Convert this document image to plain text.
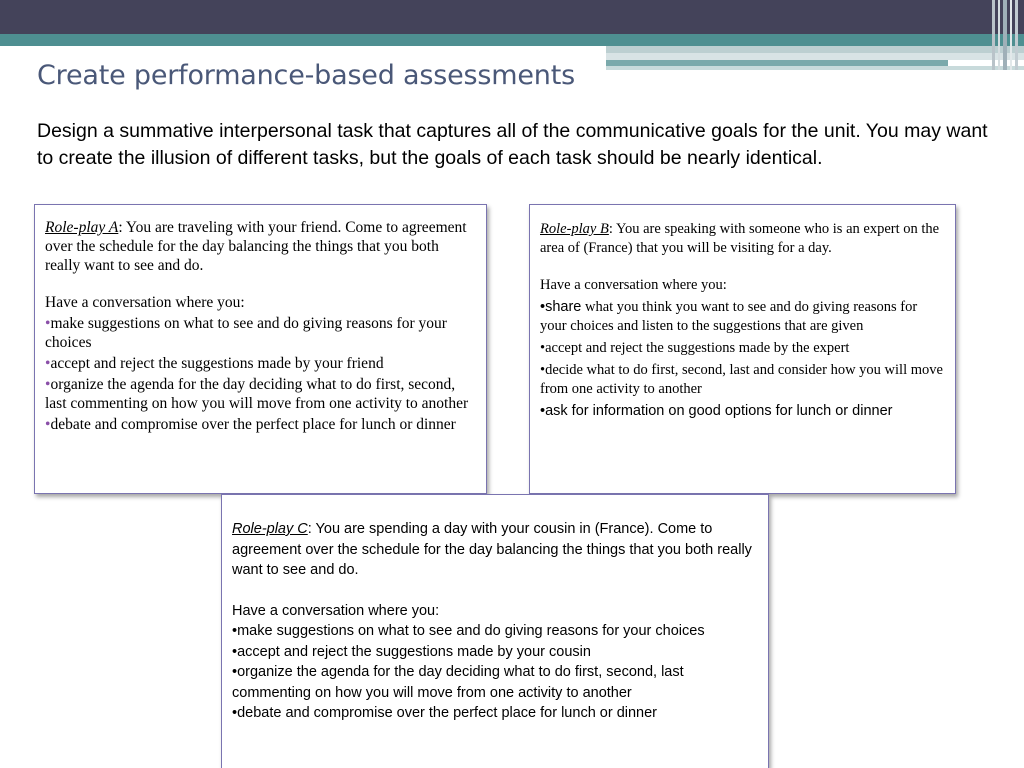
Create performance-based assessments
Design a summative interpersonal task that captures all of the communicative goals for the unit. You may want to create the illusion of different tasks, but the goals of each task should be nearly identical.
Role-play A: You are traveling with your friend. Come to agreement over the schedule for the day balancing the things that you both really want to see and do.
Have a conversation where you:
•make suggestions on what to see and do giving reasons for your choices
•accept and reject the suggestions made by your friend
•organize the agenda for the day deciding what to do first, second, last commenting on how you will move from one activity to another
•debate and compromise over the perfect place for lunch or dinner
Role-play B: You are speaking with someone who is an expert on the area of (France) that you will be visiting for a day.
Have a conversation where you:
•share what you think you want to see and do giving reasons for your choices and listen to the suggestions that are given
•accept and reject the suggestions made by the expert
•decide what to do first, second, last and consider how you will move from one activity to another
•ask for information on good options for lunch or dinner
Role-play C: You are spending a day with your cousin in (France). Come to agreement over the schedule for the day balancing the things that you both really want to see and do.
Have a conversation where you:
•make suggestions on what to see and do giving reasons for your choices
•accept and reject the suggestions made by your cousin
•organize the agenda for the day deciding what to do first, second, last commenting on how you will move from one activity to another
•debate and compromise over the perfect place for lunch or dinner
